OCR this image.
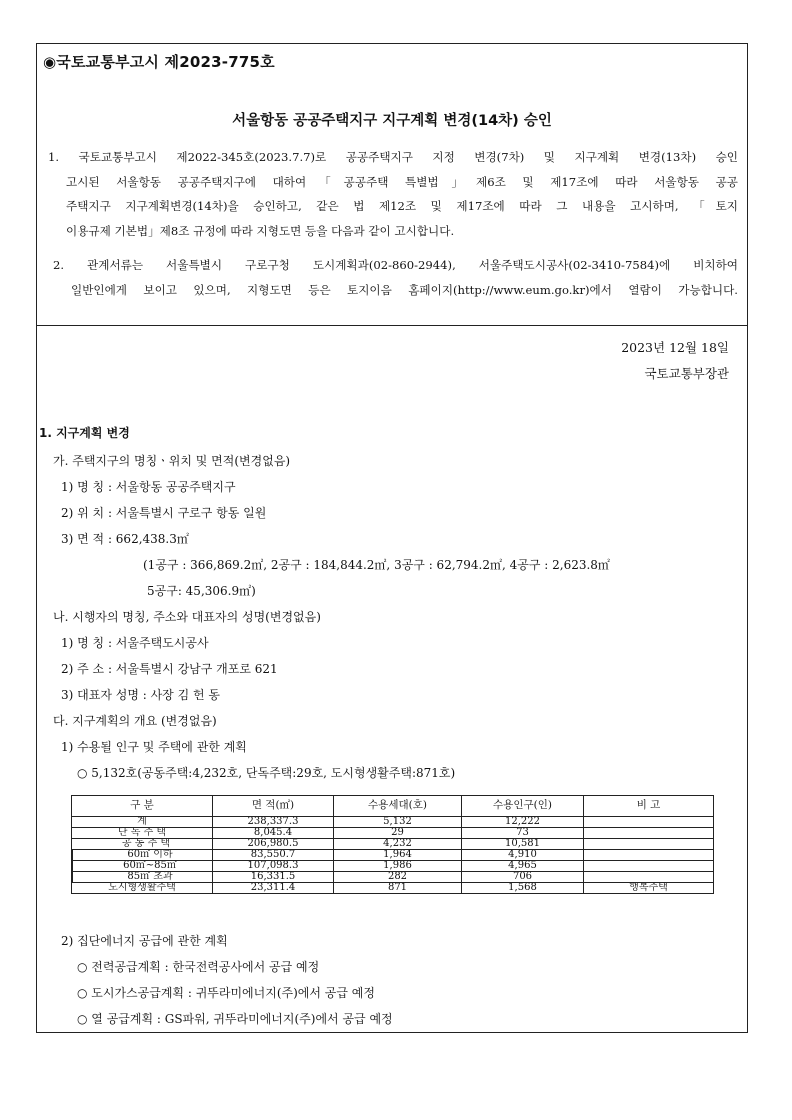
◉국토교통부고시 제2023-775호
서울항동 공공주택지구 지구계획 변경(14차) 승인
1. 국토교통부고시 제2022-345호(2023.7.7)로 공공주택지구 지정 변경(7차) 및 지구계획 변경(13차) 승인
고시된 서울항동 공공주택지구에 대하여「공공주택 특별법」제6조 및 제17조에 따라 서울항동 공공
주택지구 지구계획변경(14차)을 승인하고, 같은 법 제12조 및 제17조에 따라 그 내용을 고시하며, 「토지
이용규제 기본법」제8조 규정에 따라 지형도면 등을 다음과 같이 고시합니다.
2. 관계서류는 서울특별시 구로구청 도시계획과(02-860-2944), 서울주택도시공사(02-3410-7584)에 비치하여
일반인에게 보이고 있으며, 지형도면 등은 토지이음 홈페이지(http://www.eum.go.kr)에서 열람이 가능합니다.
2023년 12월 18일
국토교통부장관
1. 지구계획 변경
가. 주택지구의 명칭ㆍ위치 및 면적(변경없음)
1) 명 칭 : 서울항동 공공주택지구
2) 위 치 : 서울특별시 구로구 항동 일원
3) 면 적 : 662,438.3㎡
(1공구 : 366,869.2㎡, 2공구 : 184,844.2㎡, 3공구 : 62,794.2㎡, 4공구 : 2,623.8㎡
5공구: 45,306.9㎡)
나. 시행자의 명칭, 주소와 대표자의 성명(변경없음)
1) 명 칭 : 서울주택도시공사
2) 주 소 : 서울특별시 강남구 개포로 621
3) 대표자 성명 : 사장 김 헌 동
다. 지구계획의 개요 (변경없음)
1) 수용될 인구 및 주택에 관한 계획
○ 5,132호(공동주택:4,232호, 단독주택:29호, 도시형생활주택:871호)
구 분	면 적(㎡)	수용세대(호)	수용인구(인)	비 고
계	238,337.3	5,132	12,222	
단 독 주 택	8,045.4	29	73	
공 동 주 택	206,980.5	4,232	10,581	
60㎡ 이하	83,550.7	1,964	4,910	
60㎡~85㎡	107,098.3	1,986	4,965	
85㎡ 초과	16,331.5	282	706	
도시형생활주택	23,311.4	871	1,568	행복주택
2) 집단에너지 공급에 관한 계획
○ 전력공급계획 : 한국전력공사에서 공급 예정
○ 도시가스공급계획 : 귀뚜라미에너지(주)에서 공급 예정
○ 열 공급계획 : GS파워, 귀뚜라미에너지(주)에서 공급 예정
